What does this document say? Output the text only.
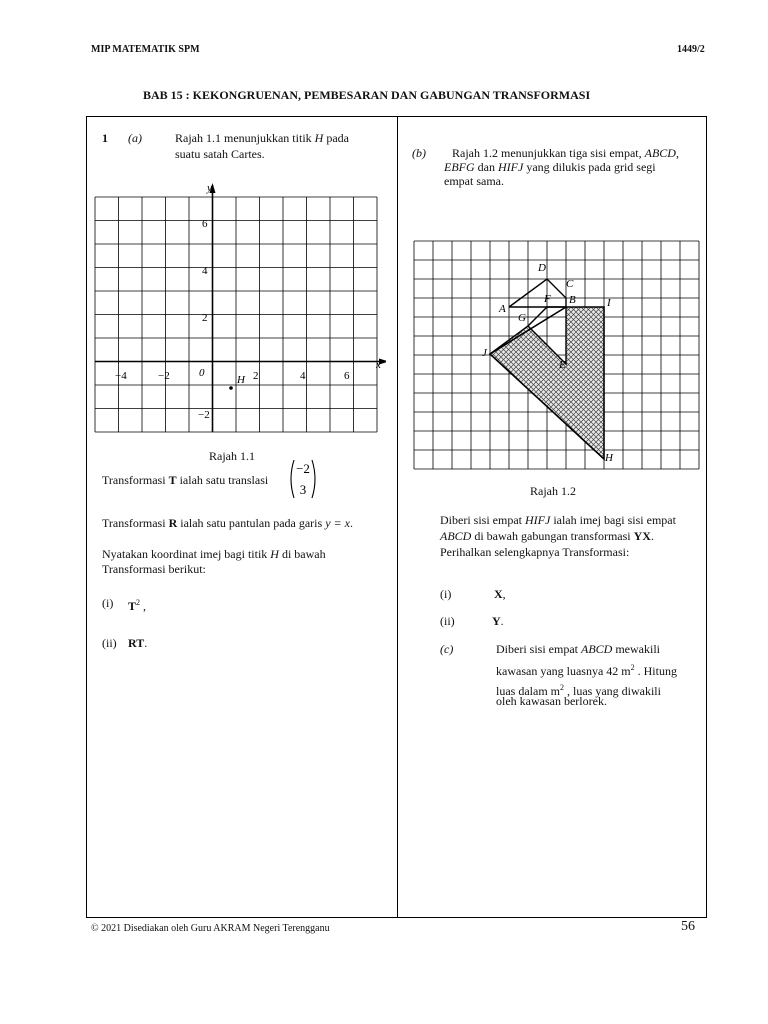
MIP MATEMATIK SPM	1449/2
BAB 15 : KEKONGRUENAN, PEMBESARAN DAN GABUNGAN TRANSFORMASI
1 (a)	Rajah 1.1 menunjukkan titik H pada
suatu satah Cartes.
y
x
0
−4	−2	2	4	6
6
4
2
−2
H
Rajah 1.1
Transformasi T ialah satu translasi
−2
3
Transformasi R ialah satu pantulan pada garis y = x.
Nyatakan koordinat imej bagi titik H di bawah
Transformasi berikut:
(i) $T^2$ ,
(ii) RT.
(b) Rajah 1.2 menunjukkan tiga sisi empat, ABCD,
EBFG dan HIFJ yang dilukis pada grid segi
empat sama.
D
C
A
F B	I
G
J
E
H
Rajah 1.2
Diberi sisi empat HIFJ ialah imej bagi sisi empat
ABCD di bawah gabungan transformasi YX.
Perihalkan selengkapnya Transformasi:
(i)	X,
(ii)	Y.
(c)	Diberi sisi empat ABCD mewakili
kawasan yang luasnya 42 $m^2$ . Hitung
luas dalam $m^2$ , luas yang diwakili
oleh kawasan berlorek.
© 2021 Disediakan oleh Guru AKRAM Negeri Terengganu	56
